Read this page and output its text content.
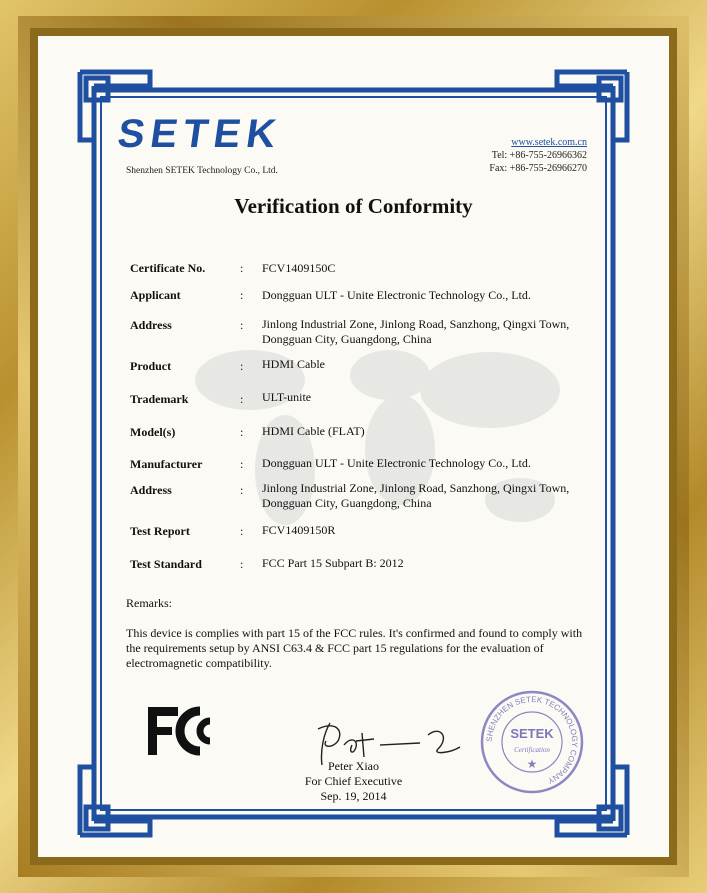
SETEK
Shenzhen SETEK Technology Co., Ltd.
www.setek.com.cn
Tel: +86-755-26966362
Fax: +86-755-26966270
Verification of Conformity
Certificate No.	: FCV1409150C
Applicant	: Dongguan ULT - Unite Electronic Technology Co., Ltd.
Address	: Jinlong Industrial Zone, Jinlong Road, Sanzhong, Qingxi Town, Dongguan City, Guangdong, China
Product	: HDMI Cable
Trademark	: ULT-unite
Model(s)	: HDMI Cable (FLAT)
Manufacturer	: Dongguan ULT - Unite Electronic Technology Co., Ltd.
Address	: Jinlong Industrial Zone, Jinlong Road, Sanzhong, Qingxi Town, Dongguan City, Guangdong, China
Test Report	: FCV1409150R
Test Standard	: FCC Part 15 Subpart B: 2012
Remarks:
This device is complies with part 15 of the FCC rules. It's confirmed and found to comply with the requirements setup by ANSI C63.4 & FCC part 15 regulations for the evaluation of electromagnetic compatibility.
FC
Peter Xiao
For Chief Executive
Sep. 19, 2014
SHENZHEN SETEK TECHNOLOGY COMPANY
SETEK
Certification
★
